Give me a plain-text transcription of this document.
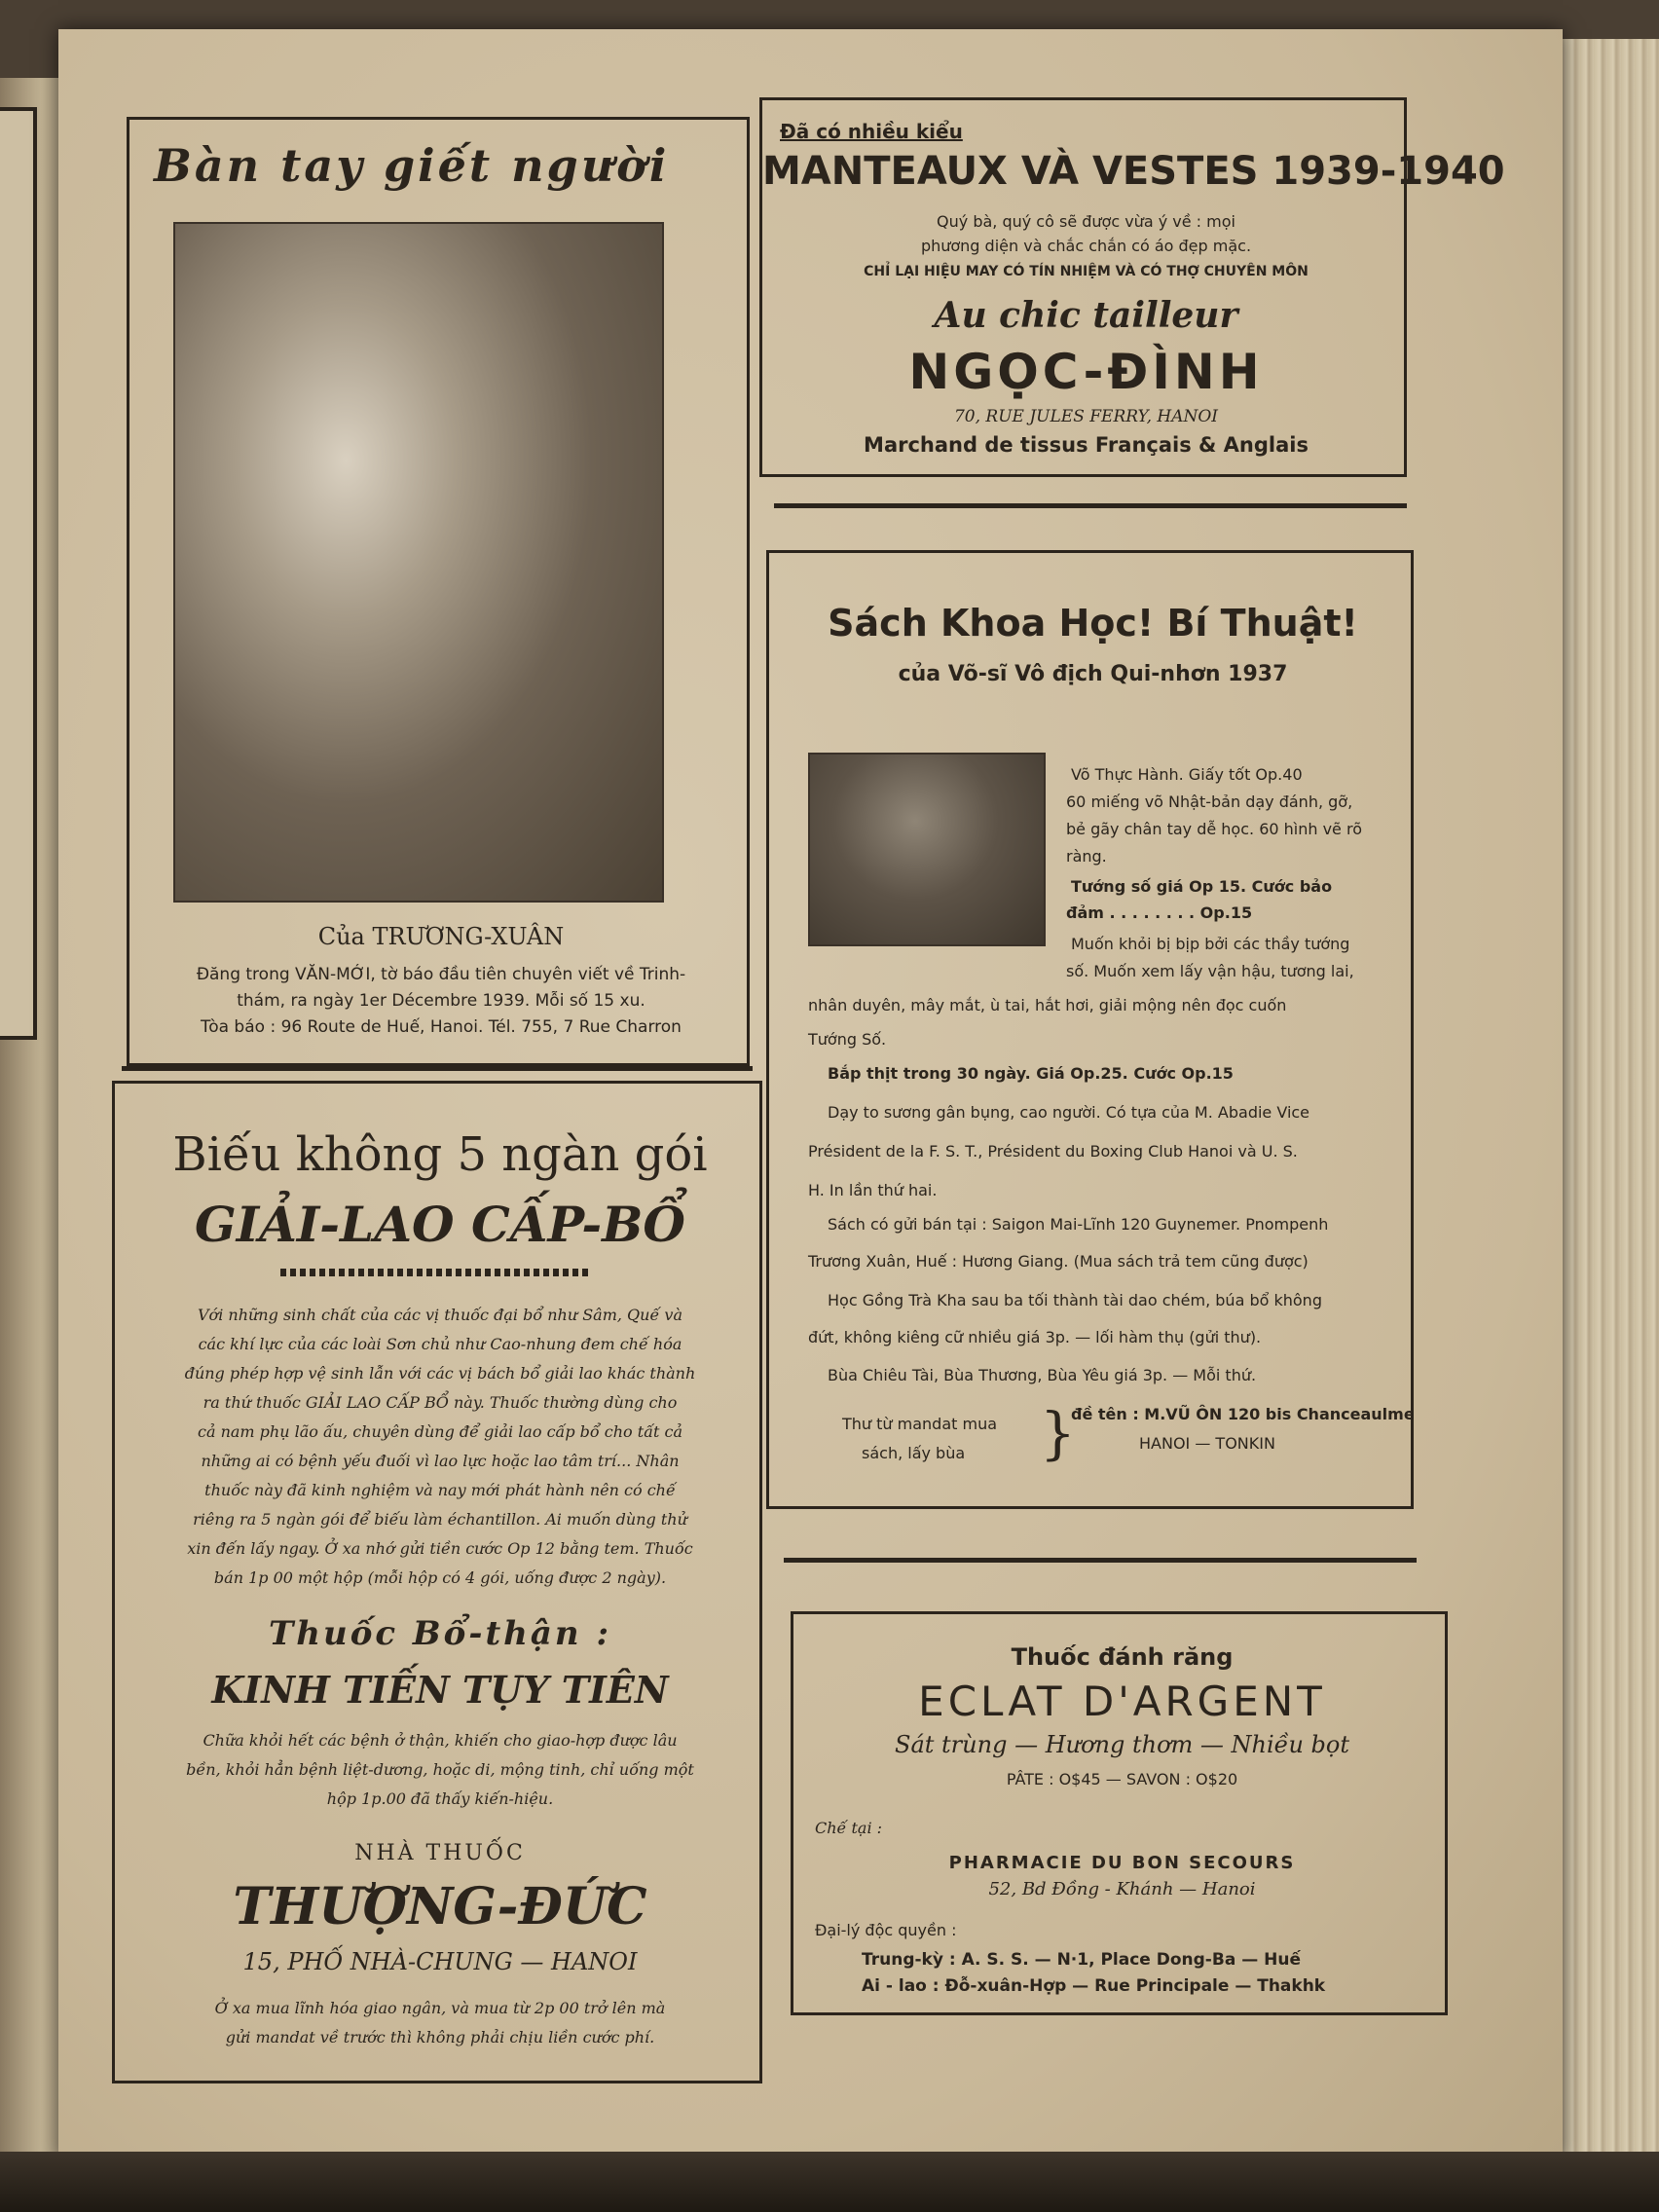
Bàn tay giết người
Của TRƯƠNG-XUÂN
Đăng trong VĂN-MỚI, tờ báo đầu tiên chuyên viết về Trinh-
thám, ra ngày 1er Décembre 1939. Mỗi số 15 xu.
Tòa báo : 96 Route de Huế, Hanoi. Tél. 755, 7 Rue Charron
Đã có nhiều kiểu
MANTEAUX VÀ VESTES 1939-1940
Quý bà, quý cô sẽ được vừa ý về : mọi
phương diện và chắc chắn có áo đẹp mặc.
CHỈ LẠI HIỆU MAY CÓ TÍN NHIỆM VÀ CÓ THỢ CHUYÊN MÔN
Au chic tailleur
NGỌC-ĐÌNH
70, RUE JULES FERRY, HANOI
Marchand de tissus Français & Anglais
Sách Khoa Học! Bí Thuật!
của Võ-sĩ Vô địch Qui-nhơn 1937
Võ Thực Hành. Giấy tốt Op.40
60 miếng võ Nhật-bản dạy đánh, gỡ,
bẻ gãy chân tay dễ học. 60 hình vẽ rõ
ràng.
Tướng số giá Op 15. Cước bảo
đảm . . . . . . . . Op.15
Muốn khỏi bị bịp bởi các thầy tướng
số. Muốn xem lấy vận hậu, tương lai,
nhân duyên, mây mắt, ù tai, hắt hơi, giải mộng nên đọc cuốn
Tướng Số.
Bắp thịt trong 30 ngày. Giá Op.25. Cước Op.15
Dạy to sương gân bụng, cao người. Có tựa của M. Abadie Vice
Président de la F. S. T., Président du Boxing Club Hanoi và U. S.
H. In lần thứ hai.
Sách có gửi bán tại : Saigon Mai-Lĩnh 120 Guynemer. Pnompenh
Trương Xuân, Huế : Hương Giang. (Mua sách trả tem cũng được)
Học Gồng Trà Kha sau ba tối thành tài dao chém, búa bổ không
đứt, không kiêng cữ nhiều giá 3p. — lối hàm thụ (gửi thư).
Bùa Chiêu Tài, Bùa Thương, Bùa Yêu giá 3p. — Mỗi thứ.
Thư từ mandat mua
sách, lấy bùa }
đề tên : M.VŨ ÔN 120 bis Chanceaulme
HANOI — TONKIN
Biếu không 5 ngàn gói
GIẢI-LAO CẤP-BỔ
Với những sinh chất của các vị thuốc đại bổ như Sâm, Quế và
các khí lực của các loài Sơn chủ như Cao-nhung đem chế hóa
đúng phép hợp vệ sinh lẫn với các vị bách bổ giải lao khác thành
ra thứ thuốc GIẢI LAO CẤP BỔ này. Thuốc thường dùng cho
cả nam phụ lão ấu, chuyên dùng để giải lao cấp bổ cho tất cả
những ai có bệnh yếu đuối vì lao lực hoặc lao tâm trí... Nhân
thuốc này đã kinh nghiệm và nay mới phát hành nên có chế
riêng ra 5 ngàn gói để biếu làm échantillon. Ai muốn dùng thử
xin đến lấy ngay. Ở xa nhớ gửi tiền cước Op 12 bằng tem. Thuốc
bán 1p 00 một hộp (mỗi hộp có 4 gói, uống được 2 ngày).
Thuốc Bổ-thận :
KINH TIẾN TỤY TIÊN
Chữa khỏi hết các bệnh ở thận, khiến cho giao-hợp được lâu
bền, khỏi hẳn bệnh liệt-dương, hoặc di, mộng tinh, chỉ uống một
hộp 1p.00 đã thấy kiến-hiệu.
NHÀ THUỐC
THƯỢNG-ĐỨC
15, PHỐ NHÀ-CHUNG — HANOI
Ở xa mua lĩnh hóa giao ngân, và mua từ 2p 00 trở lên mà
gửi mandat về trước thì không phải chịu liền cước phí.
Thuốc đánh răng
ECLAT D'ARGENT
Sát trùng — Hương thơm — Nhiều bọt
PÂTE : O$45 — SAVON : O$20
Chế tại :
PHARMACIE DU BON SECOURS
52, Bd Đồng - Khánh — Hanoi
Đại-lý độc quyền :
Trung-kỳ : A. S. S. — N·1, Place Dong-Ba — Huế
Ai - lao : Đỗ-xuân-Hợp — Rue Principale — Thakhk
